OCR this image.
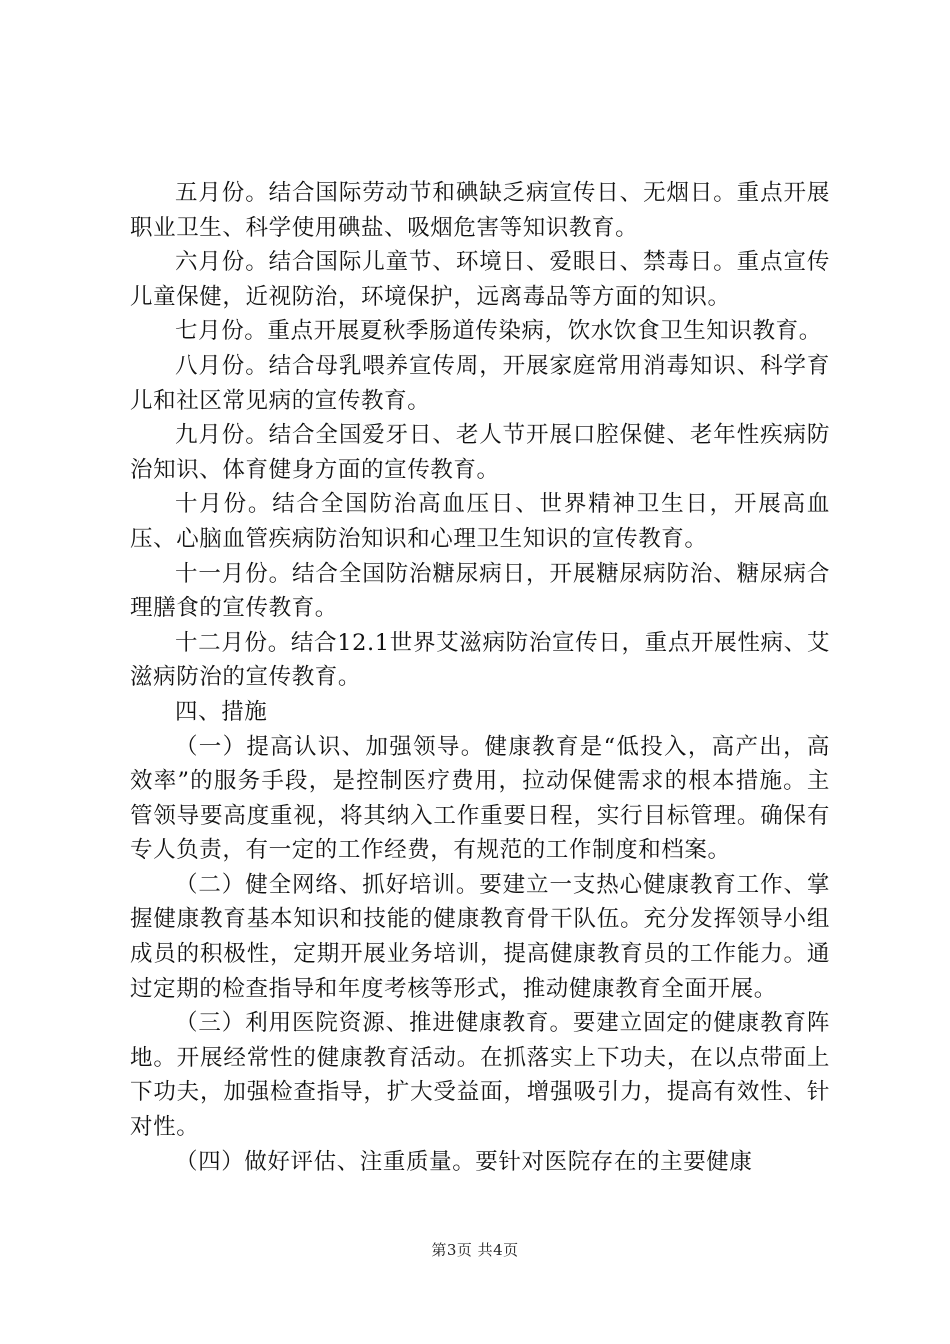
五月份。结合国际劳动节和碘缺乏病宣传日、无烟日。重点开展职业卫生、科学使用碘盐、吸烟危害等知识教育。

六月份。结合国际儿童节、环境日、爱眼日、禁毒日。重点宣传儿童保健，近视防治，环境保护，远离毒品等方面的知识。

七月份。重点开展夏秋季肠道传染病，饮水饮食卫生知识教育。

八月份。结合母乳喂养宣传周，开展家庭常用消毒知识、科学育儿和社区常见病的宣传教育。

九月份。结合全国爱牙日、老人节开展口腔保健、老年性疾病防治知识、体育健身方面的宣传教育。

十月份。结合全国防治高血压日、世界精神卫生日，开展高血压、心脑血管疾病防治知识和心理卫生知识的宣传教育。

十一月份。结合全国防治糖尿病日，开展糖尿病防治、糖尿病合理膳食的宣传教育。

十二月份。结合12.1世界艾滋病防治宣传日，重点开展性病、艾滋病防治的宣传教育。

四、措施

（一）提高认识、加强领导。健康教育是“低投入，高产出，高效率”的服务手段，是控制医疗费用，拉动保健需求的根本措施。主管领导要高度重视，将其纳入工作重要日程，实行目标管理。确保有专人负责，有一定的工作经费，有规范的工作制度和档案。

（二）健全网络、抓好培训。要建立一支热心健康教育工作、掌握健康教育基本知识和技能的健康教育骨干队伍。充分发挥领导小组成员的积极性，定期开展业务培训，提高健康教育员的工作能力。通过定期的检查指导和年度考核等形式，推动健康教育全面开展。

（三）利用医院资源、推进健康教育。要建立固定的健康教育阵地。开展经常性的健康教育活动。在抓落实上下功夫，在以点带面上下功夫，加强检查指导，扩大受益面，增强吸引力，提高有效性、针对性。

（四）做好评估、注重质量。要针对医院存在的主要健康

第3页 共4页
